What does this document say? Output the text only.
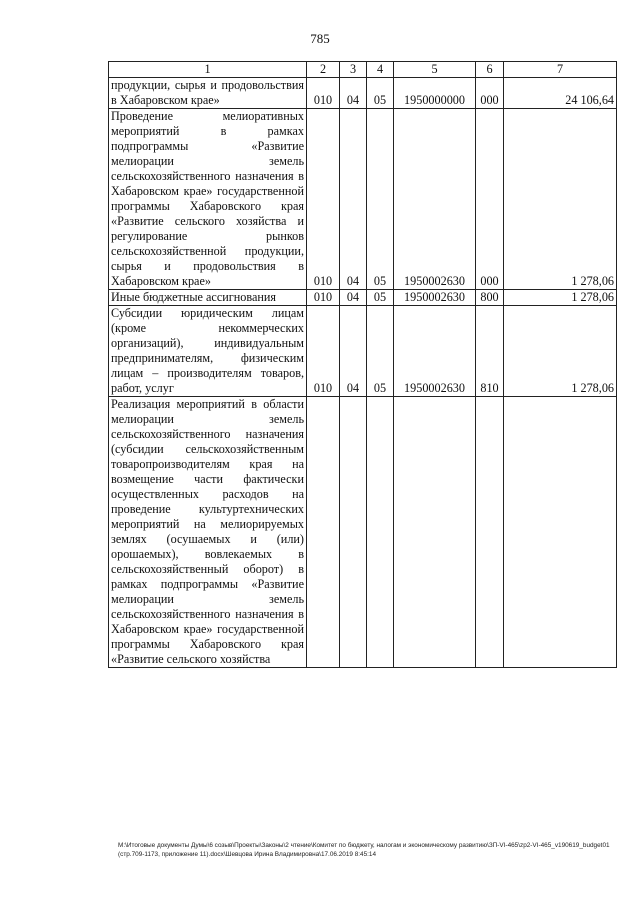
785
1	2	3	4	5	6	7
продукции, сырья и продовольствия в Хабаровском крае»	010	04	05	1950000000	000	24 106,64
Проведение мелиоративных мероприятий в рамках подпрограммы «Развитие мелиорации земель сельскохозяйственного назначения в Хабаровском крае» государственной программы Хабаровского края «Развитие сельского хозяйства и регулирование рынков сельскохозяйственной продукции, сырья и продовольствия в Хабаровском крае»	010	04	05	1950002630	000	1 278,06
Иные бюджетные ассигнования	010	04	05	1950002630	800	1 278,06
Субсидии юридическим лицам (кроме некоммерческих организаций), индивидуальным предпринимателям, физическим лицам – производителям товаров, работ, услуг	010	04	05	1950002630	810	1 278,06
Реализация мероприятий в области мелиорации земель сельскохозяйственного назначения (субсидии сельскохозяйственным товаропроизводителям края на возмещение части фактически осуществленных расходов на проведение культуртехнических мероприятий на мелиорируемых землях (осушаемых и (или) орошаемых), вовлекаемых в сельскохозяйственный оборот) в рамках подпрограммы «Развитие мелиорации земель сельскохозяйственного назначения в Хабаровском крае» государственной программы Хабаровского края «Развитие сельского хозяйства						
M:\Итоговые документы Думы\6 созыв\Проекты\Законы\2 чтение\Комитет по бюджету, налогам и экономическому развитию\ЗП-VI-465\zp2-VI-465_v190619_budget01 (стр.709-1173, приложение 11).docx\Шевцова Ирина Владимировна\17.06.2019 8:45:14
